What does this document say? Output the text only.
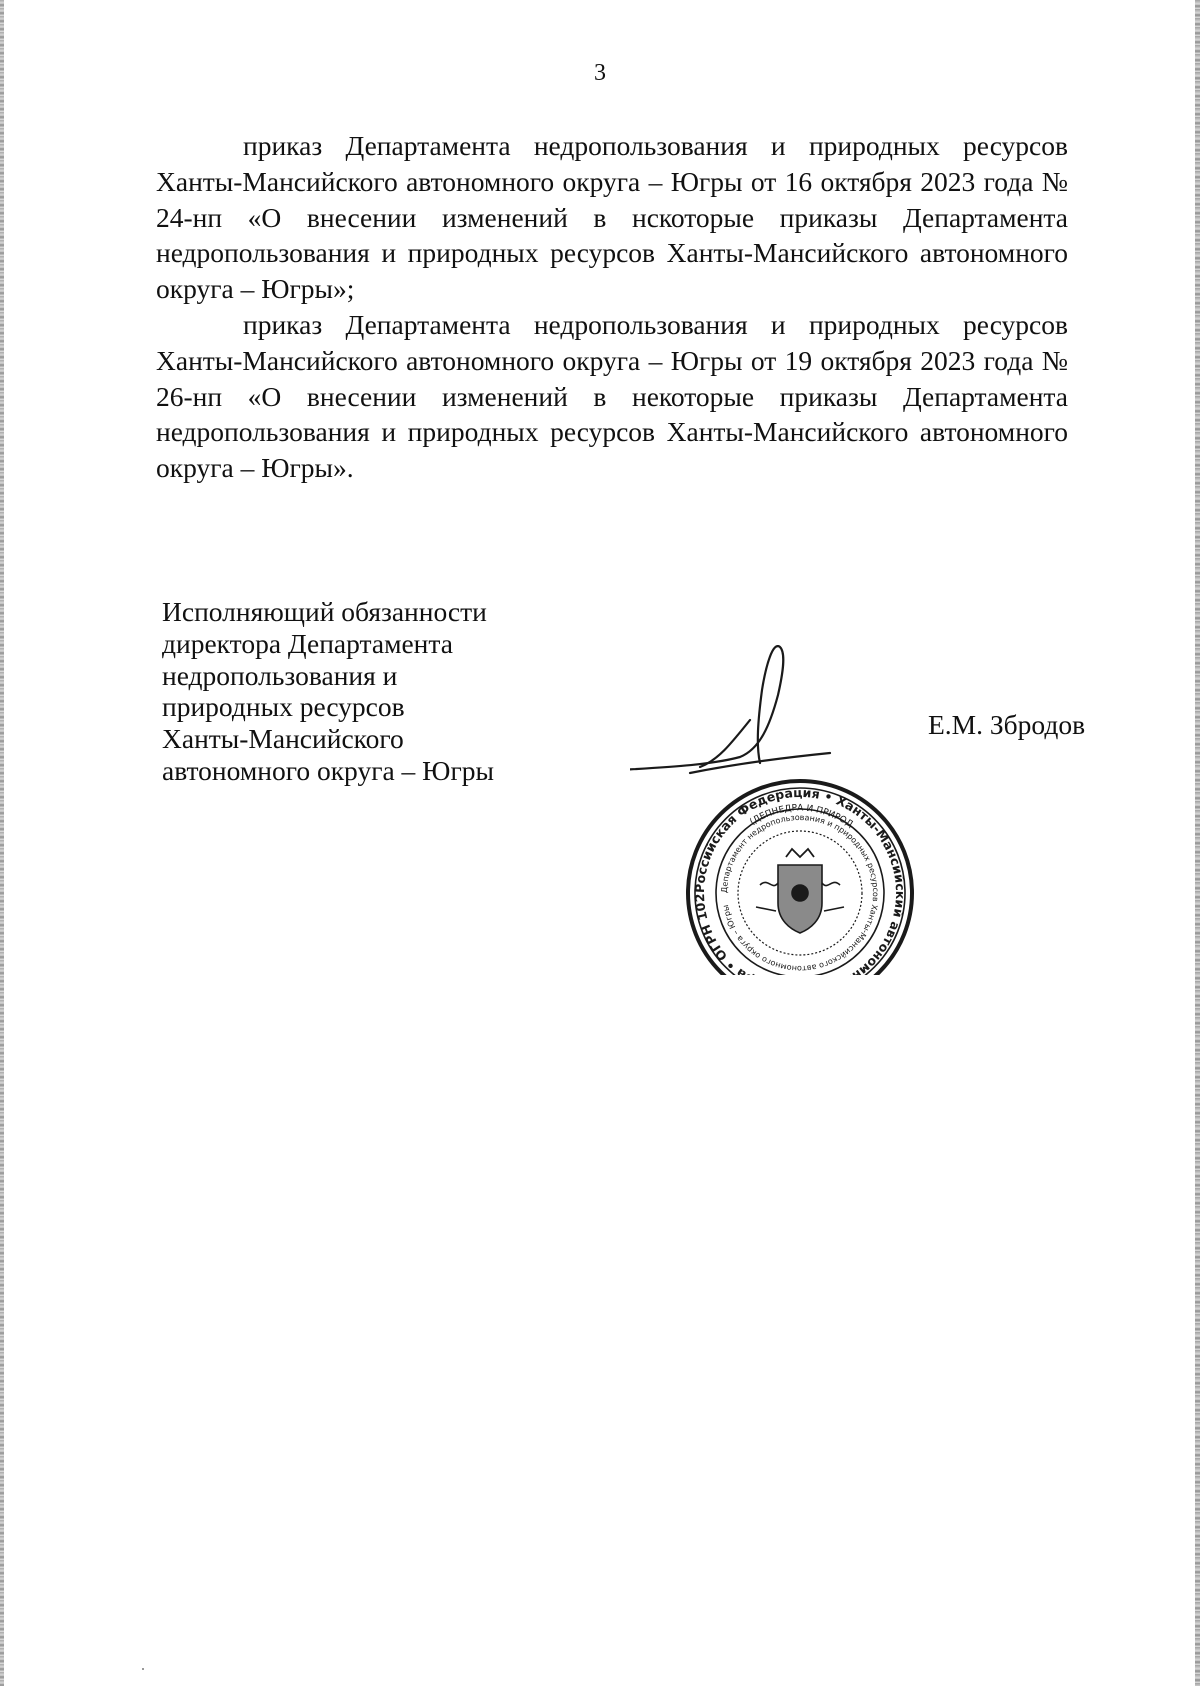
3

приказ Департамента недропользования и природных ресурсов Ханты-Мансийского автономного округа – Югры от 16 октября 2023 года № 24-нп «О внесении изменений в нскоторые приказы Департамента недропользования и природных ресурсов Ханты-Мансийского автономного округа – Югры»;

приказ Департамента недропользования и природных ресурсов Ханты-Мансийского автономного округа – Югры от 19 октября 2023 года № 26-нп «О внесении изменений в некоторые приказы Департамента недропользования и природных ресурсов Ханты-Мансийского автономного округа – Югры».

Исполняющий обязанности
директора Департамента
недропользования и
природных ресурсов
Ханты-Мансийского
автономного округа – Югры
Российская Федерация • Ханты-Мансийский автоном а • ОГРН 102
Департамент недропользования и природных ресурсов Ханты-Мансийского автономного округа – Югры
(ДЕПНЕДРА И ПРИРОД
Е.М. Збродов
